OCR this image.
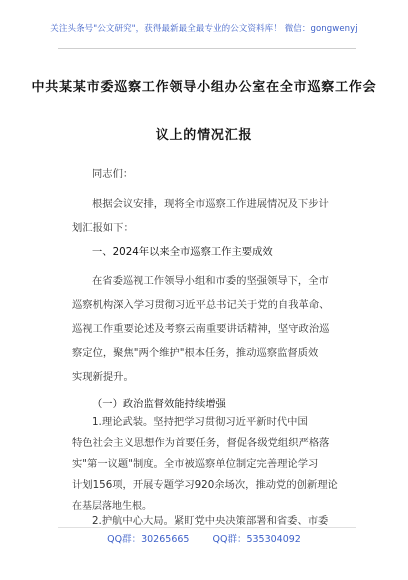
关注头条号"公文研究"，获得最新最全最专业的公文资料库！ 微信：gongwenyj
中共某某市委巡察工作领导小组办公室在全市巡察工作会
议上的情况汇报
同志们：
根据会议安排，现将全市巡察工作进展情况及下步计
划汇报如下：
一、2024年以来全市巡察工作主要成效
在省委巡视工作领导小组和市委的坚强领导下，全市
巡察机构深入学习贯彻习近平总书记关于党的自我革命、
巡视工作重要论述及考察云南重要讲话精神，坚守政治巡
察定位，聚焦"两个维护"根本任务，推动巡察监督质效
实现新提升。
（一）政治监督效能持续增强
1.理论武装。坚持把学习贯彻习近平新时代中国
特色社会主义思想作为首要任务，督促各级党组织严格落
实"第一议题"制度。全市被巡察单位制定完善理论学习
计划156项，开展专题学习920余场次，推动党的创新理论
在基层落地生根。
2.护航中心大局。紧盯党中央决策部署和省委、市委
QQ群：30265665 QQ群：535304092
